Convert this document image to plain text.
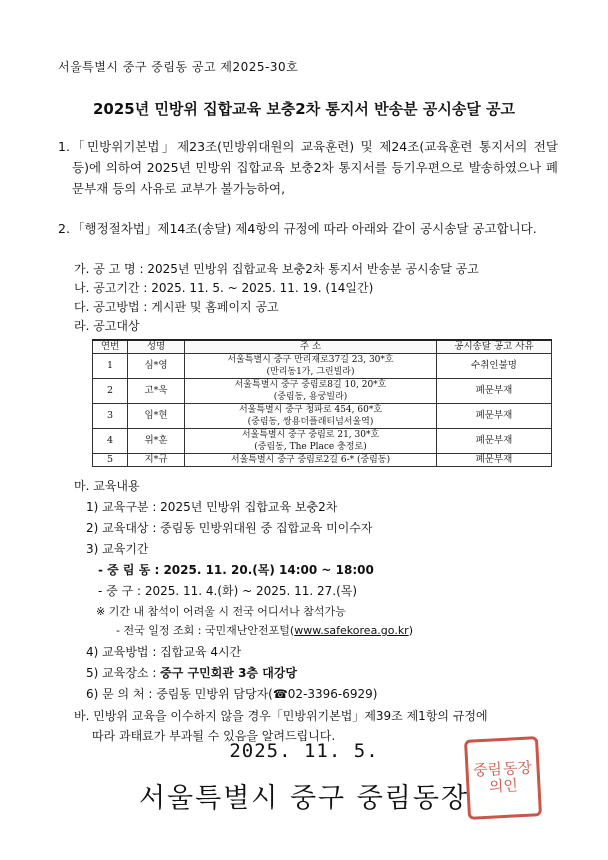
서울특별시 중구 중림동 공고 제2025-30호
2025년 민방위 집합교육 보충2차 통지서 반송분 공시송달 공고
1. 「민방위기본법」제23조(민방위대원의 교육훈련) 및 제24조(교육훈련 통지서의 전달 등)에 의하여 2025년 민방위 집합교육 보충2차 통지서를 등기우편으로 발송하였으나 폐문부재 등의 사유로 교부가 불가능하여,
2. 「행정절차법」제14조(송달) 제4항의 규정에 따라 아래와 같이 공시송달 공고합니다.
가. 공 고 명 : 2025년 민방위 집합교육 보충2차 통지서 반송분 공시송달 공고
나. 공고기간 : 2025. 11. 5. ~ 2025. 11. 19. (14일간)
다. 공고방법 : 게시판 및 홈페이지 공고
라. 공고대상
연번	성명	주 소	공시송달 공고 사유
1	심*영	서울특별시 중구 만리재로37길 23, 30*호
(만리동1가, 그린빌라)	수취인불명
2	고*욱	서울특별시 중구 중림로8길 10, 20*호
(중림동, 용궁빌라)	폐문부재
3	임*현	서울특별시 중구 청파로 454, 60*호
(중림동, 쌍용더플래티넘서울역)	폐문부재
4	위*훈	서울특별시 중구 중림로 21, 30*호
(중림동, The Place 충정로)	폐문부재
5	지*규	서울특별시 중구 중림로2길 6-* (중림동)	폐문부재
마. 교육내용
1) 교육구분 : 2025년 민방위 집합교육 보충2차
2) 교육대상 : 중림동 민방위대원 중 집합교육 미이수자
3) 교육기간
- 중 림 동 : 2025. 11. 20.(목) 14:00 ~ 18:00
- 중 구 : 2025. 11. 4.(화) ~ 2025. 11. 27.(목)
※ 기간 내 참석이 어려울 시 전국 어디서나 참석가능
- 전국 일정 조회 : 국민재난안전포털(www.safekorea.go.kr)
4) 교육방법 : 집합교육 4시간
5) 교육장소 : 중구 구민회관 3층 대강당
6) 문 의 처 : 중림동 민방위 담당자(☎02-3396-6929)
바. 민방위 교육을 이수하지 않을 경우「민방위기본법」제39조 제1항의 규정에
따라 과태료가 부과될 수 있음을 알려드립니다.
2025. 11. 5.
서울특별시 중구 중림동장
중림 동장
의인
